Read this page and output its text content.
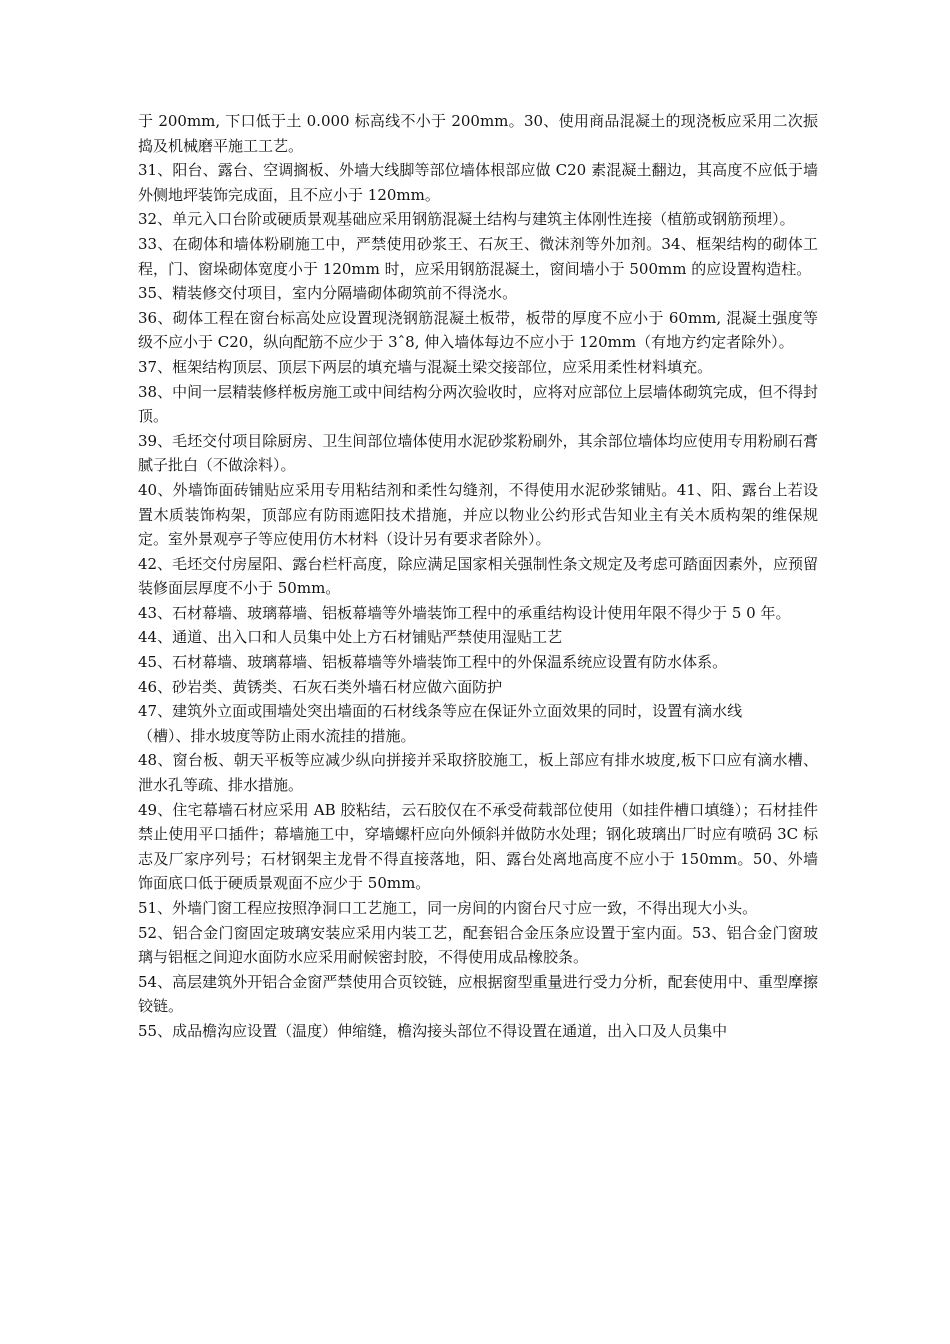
于 200mm, 下口低于土 0.000 标高线不小于 200mm。30、使用商品混凝土的现浇板应采用二次振捣及机械磨平施工工艺。

31、阳台、露台、空调搁板、外墙大线脚等部位墙体根部应做 C20 素混凝土翻边，其高度不应低于墙外侧地坪装饰完成面，且不应小于 120mm。

32、单元入口台阶或硬质景观基础应采用钢筋混凝土结构与建筑主体刚性连接（植筋或钢筋预埋）。

33、在砌体和墙体粉刷施工中，严禁使用砂浆王、石灰王、微沫剂等外加剂。34、框架结构的砌体工程，门、窗垛砌体宽度小于 120mm 时，应采用钢筋混凝土，窗间墙小于 500mm 的应设置构造柱。

35、精装修交付项目，室内分隔墙砌体砌筑前不得浇水。

36、砌体工程在窗台标高处应设置现浇钢筋混凝土板带，板带的厚度不应小于 60mm, 混凝土强度等级不应小于 C20，纵向配筋不应少于 3ˆ8, 伸入墙体每边不应小于 120mm（有地方约定者除外）。

37、框架结构顶层、顶层下两层的填充墙与混凝土梁交接部位，应采用柔性材料填充。

38、中间一层精装修样板房施工或中间结构分两次验收时，应将对应部位上层墙体砌筑完成，但不得封顶。

39、毛坯交付项目除厨房、卫生间部位墙体使用水泥砂浆粉刷外，其余部位墙体均应使用专用粉刷石膏腻子批白（不做涂料）。

40、外墙饰面砖铺贴应采用专用粘结剂和柔性勾缝剂，不得使用水泥砂浆铺贴。41、阳、露台上若设置木质装饰构架，顶部应有防雨遮阳技术措施，并应以物业公约形式告知业主有关木质构架的维保规定。室外景观亭子等应使用仿木材料（设计另有要求者除外）。

42、毛坯交付房屋阳、露台栏杆高度，除应满足国家相关强制性条文规定及考虑可踏面因素外，应预留装修面层厚度不小于 50mm。

43、石材幕墙、玻璃幕墙、铝板幕墙等外墙装饰工程中的承重结构设计使用年限不得少于 5 0 年。

44、通道、出入口和人员集中处上方石材铺贴严禁使用湿贴工艺

45、石材幕墙、玻璃幕墙、铝板幕墙等外墙装饰工程中的外保温系统应设置有防水体系。

46、砂岩类、黄锈类、石灰石类外墙石材应做六面防护

47、建筑外立面或围墙处突出墙面的石材线条等应在保证外立面效果的同时，设置有滴水线

（槽）、排水坡度等防止雨水流挂的措施。

48、窗台板、朝天平板等应减少纵向拼接并采取挤胶施工，板上部应有排水坡度,板下口应有滴水槽、泄水孔等疏、排水措施。

49、住宅幕墙石材应采用 AB 胶粘结，云石胶仅在不承受荷载部位使用（如挂件槽口填缝）；石材挂件禁止使用平口插件；幕墙施工中，穿墙螺杆应向外倾斜并做防水处理；钢化玻璃出厂时应有喷码 3C 标志及厂家序列号；石材钢架主龙骨不得直接落地，阳、露台处离地高度不应小于 150mm。50、外墙饰面底口低于硬质景观面不应少于 50mm。

51、外墙门窗工程应按照净洞口工艺施工，同一房间的内窗台尺寸应一致，不得出现大小头。

52、铝合金门窗固定玻璃安装应采用内装工艺，配套铝合金压条应设置于室内面。53、铝合金门窗玻璃与铝框之间迎水面防水应采用耐候密封胶，不得使用成品橡胶条。

54、高层建筑外开铝合金窗严禁使用合页铰链，应根据窗型重量进行受力分析，配套使用中、重型摩擦铰链。

55、成品檐沟应设置（温度）伸缩缝，檐沟接头部位不得设置在通道，出入口及人员集中
